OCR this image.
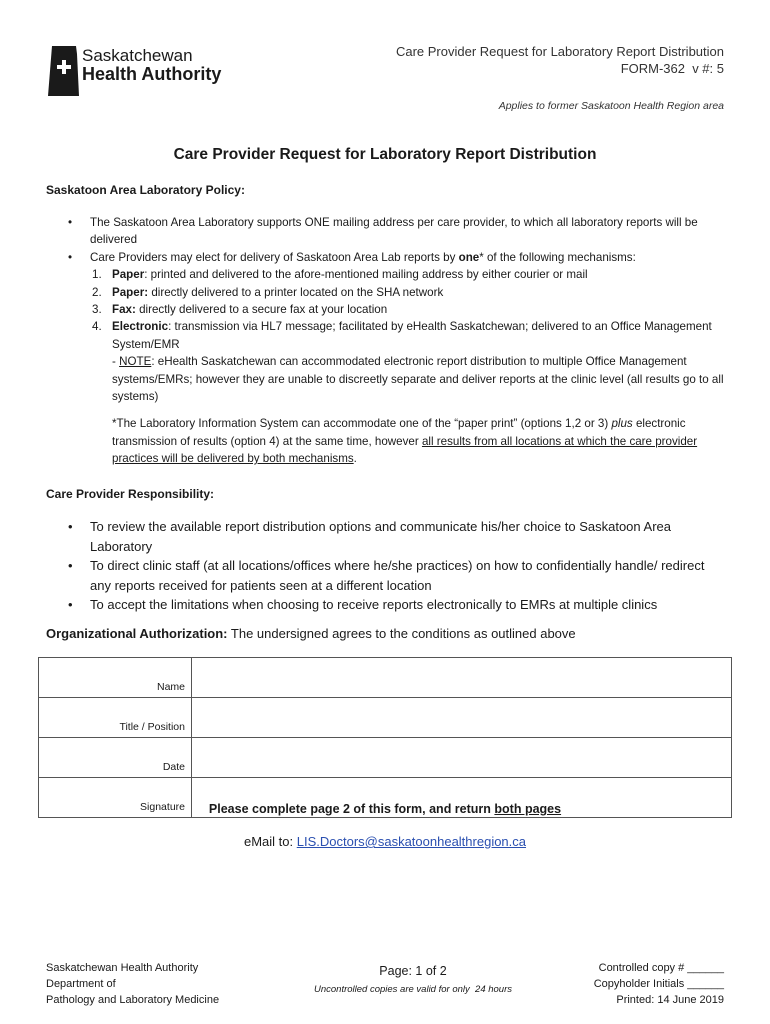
Saskatchewan
Health Authority
Care Provider Request for Laboratory Report Distribution
FORM-362  v #: 5
Applies to former Saskatoon Health Region area
Care Provider Request for Laboratory Report Distribution
Saskatoon Area Laboratory Policy:
• The Saskatoon Area Laboratory supports ONE mailing address per care provider, to which all laboratory reports will be delivered
• Care Providers may elect for delivery of Saskatoon Area Lab reports by one* of the following mechanisms:
1. Paper: printed and delivered to the afore-mentioned mailing address by either courier or mail
2. Paper: directly delivered to a printer located on the SHA network
3. Fax: directly delivered to a secure fax at your location
4. Electronic: transmission via HL7 message; facilitated by eHealth Saskatchewan; delivered to an Office Management System/EMR
- NOTE: eHealth Saskatchewan can accommodated electronic report distribution to multiple Office Management systems/EMRs; however they are unable to discreetly separate and deliver reports at the clinic level (all results go to all systems)
*The Laboratory Information System can accommodate one of the “paper print” (options 1,2 or 3) plus electronic transmission of results (option 4) at the same time, however all results from all locations at which the care provider practices will be delivered by both mechanisms.
Care Provider Responsibility:
• To review the available report distribution options and communicate his/her choice to Saskatoon Area Laboratory
• To direct clinic staff (at all locations/offices where he/she practices) on how to confidentially handle/ redirect any reports received for patients seen at a different location
• To accept the limitations when choosing to receive reports electronically to EMRs at multiple clinics
Organizational Authorization: The undersigned agrees to the conditions as outlined above
Name	
Title / Position	
Date	
Signature		Please complete page 2 of this form, and return both pages
eMail to: LIS.Doctors@saskatoonhealthregion.ca
Saskatchewan Health Authority
Department of
Pathology and Laboratory Medicine
Page: 1 of 2
Uncontrolled copies are valid for only  24 hours
Controlled copy # ______
Copyholder Initials ______
Printed: 14 June 2019
